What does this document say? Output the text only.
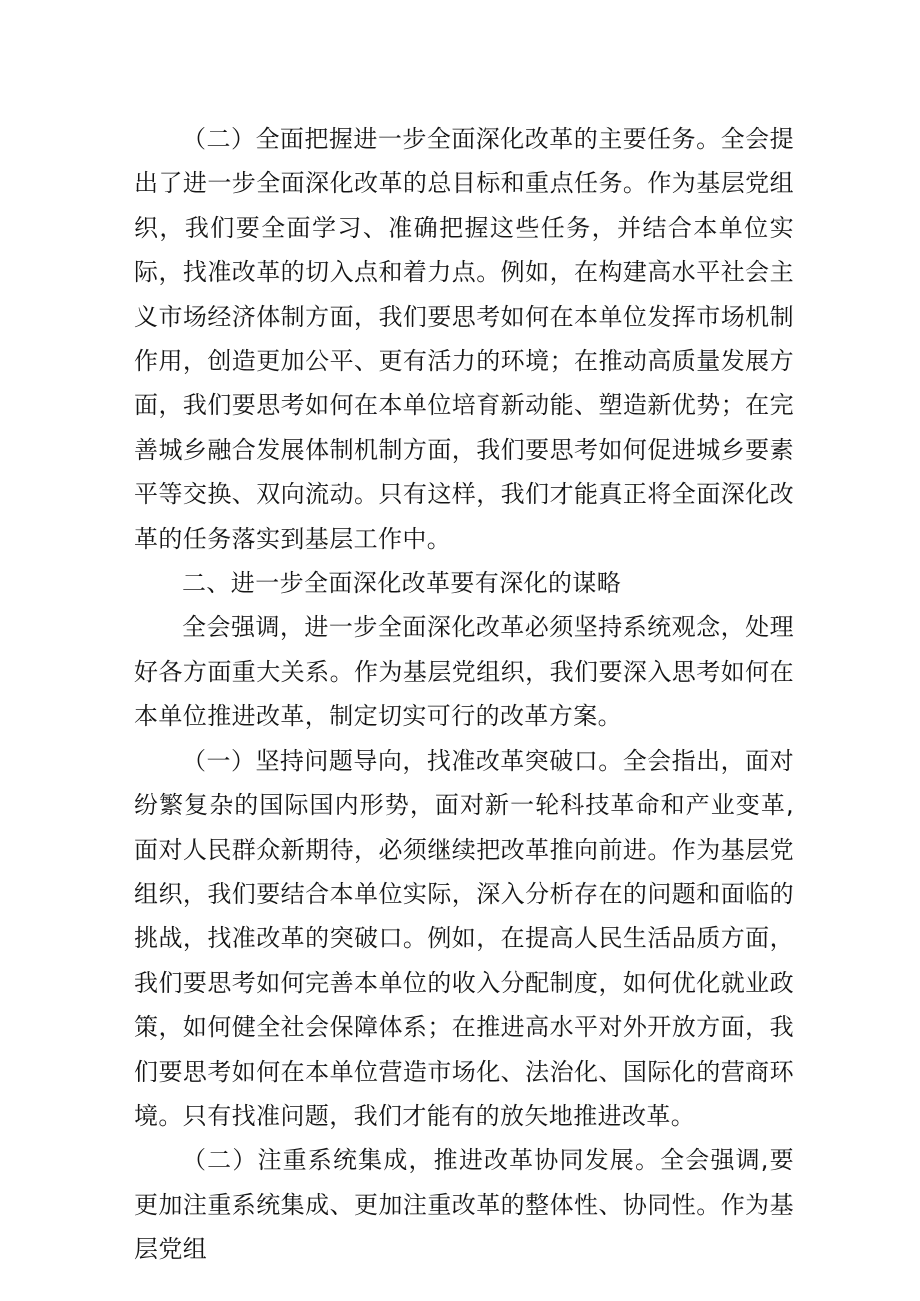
（二）全面把握进一步全面深化改革的主要任务。全会提出了进一步全面深化改革的总目标和重点任务。作为基层党组织，我们要全面学习、准确把握这些任务，并结合本单位实际，找准改革的切入点和着力点。例如，在构建高水平社会主义市场经济体制方面，我们要思考如何在本单位发挥市场机制作用，创造更加公平、更有活力的环境；在推动高质量发展方面，我们要思考如何在本单位培育新动能、塑造新优势；在完善城乡融合发展体制机制方面，我们要思考如何促进城乡要素平等交换、双向流动。只有这样，我们才能真正将全面深化改革的任务落实到基层工作中。

二、进一步全面深化改革要有深化的谋略

全会强调，进一步全面深化改革必须坚持系统观念，处理好各方面重大关系。作为基层党组织，我们要深入思考如何在本单位推进改革，制定切实可行的改革方案。

（一）坚持问题导向，找准改革突破口。全会指出，面对纷繁复杂的国际国内形势，面对新一轮科技革命和产业变革,面对人民群众新期待，必须继续把改革推向前进。作为基层党组织，我们要结合本单位实际，深入分析存在的问题和面临的挑战，找准改革的突破口。例如，在提高人民生活品质方面，我们要思考如何完善本单位的收入分配制度，如何优化就业政策，如何健全社会保障体系；在推进高水平对外开放方面，我们要思考如何在本单位营造市场化、法治化、国际化的营商环境。只有找准问题，我们才能有的放矢地推进改革。

（二）注重系统集成，推进改革协同发展。全会强调,要更加注重系统集成、更加注重改革的整体性、协同性。作为基层党组
